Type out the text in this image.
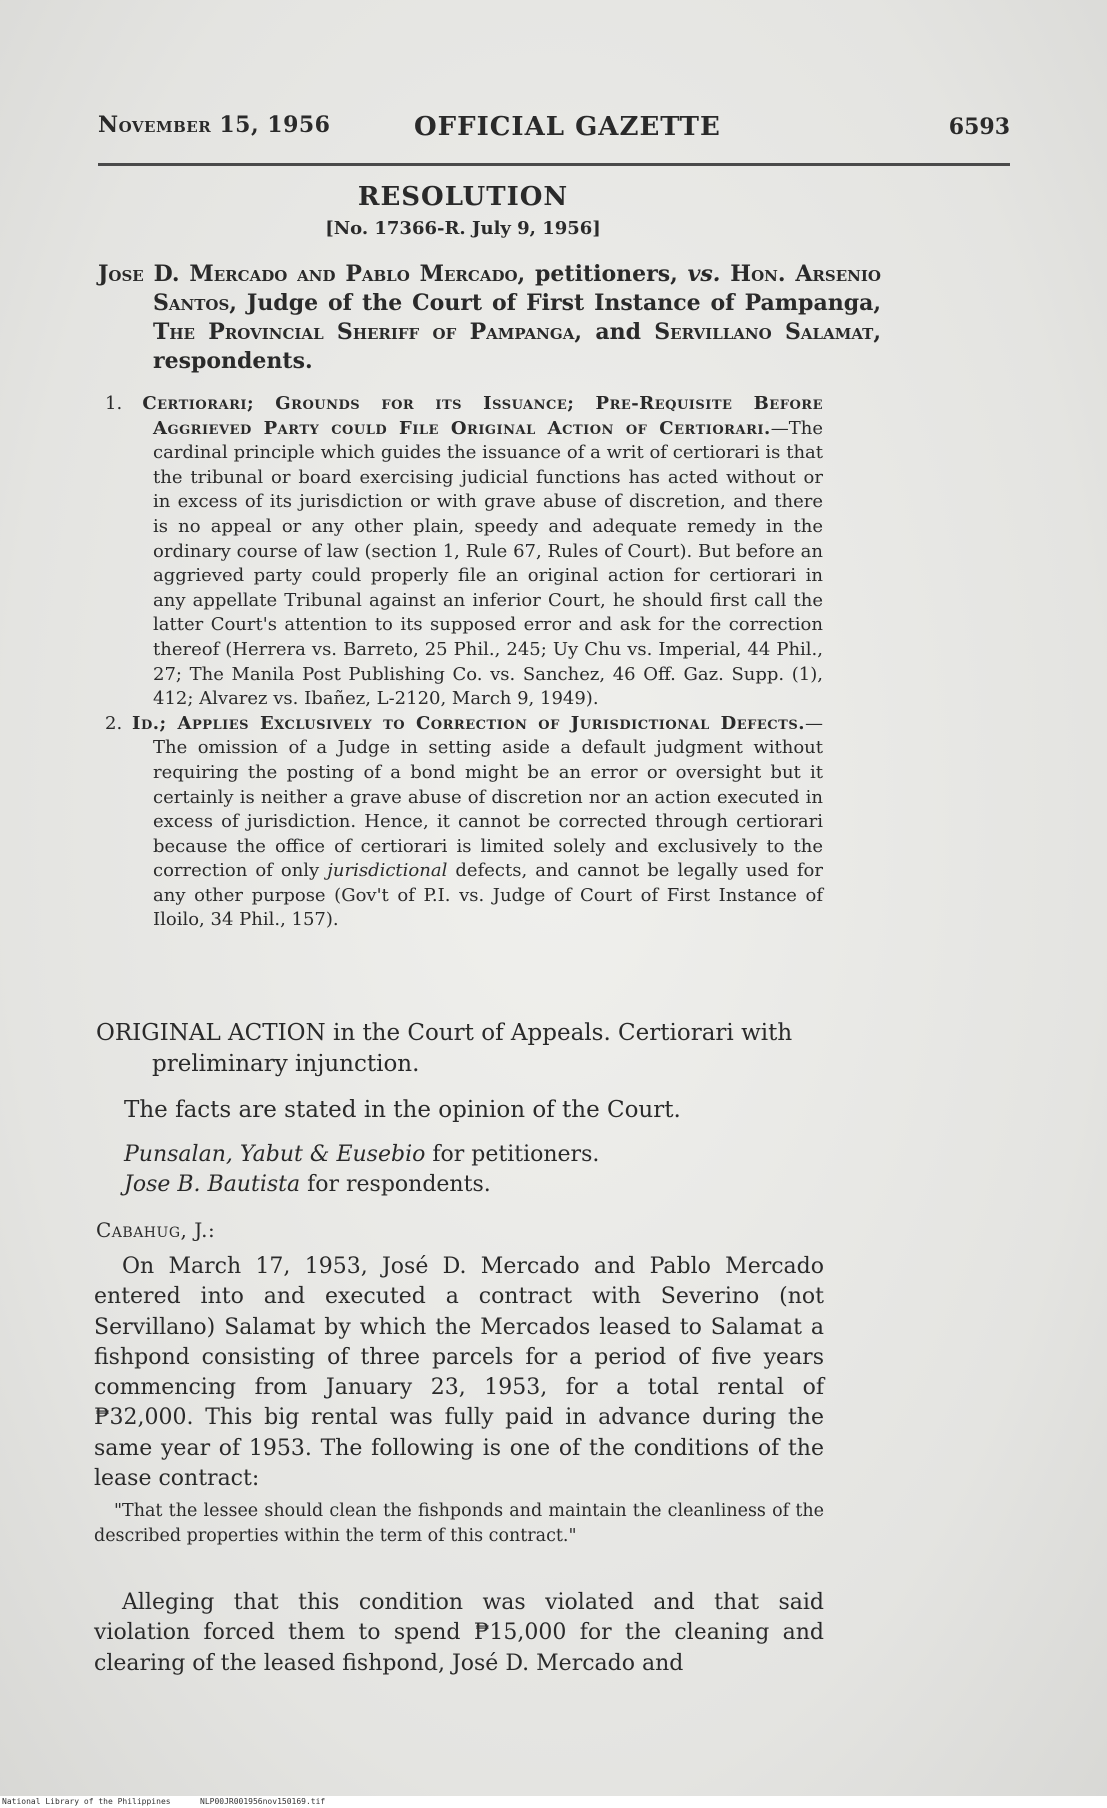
November 15, 1956	OFFICIAL GAZETTE	6593
RESOLUTION
[No. 17366-R. July 9, 1956]
Jose D. Mercado and Pablo Mercado, petitioners, vs. Hon. Arsenio Santos, Judge of the Court of First Instance of Pampanga, The Provincial Sheriff of Pampanga, and Servillano Salamat, respondents.

1. Certiorari; Grounds for its Issuance; Pre-Requisite Before Aggrieved Party could File Original Action of Certiorari.—The cardinal principle which guides the issuance of a writ of certiorari is that the tribunal or board exercising judicial functions has acted without or in excess of its jurisdiction or with grave abuse of discretion, and there is no appeal or any other plain, speedy and adequate remedy in the ordinary course of law (section 1, Rule 67, Rules of Court). But before an aggrieved party could properly file an original action for certiorari in any appellate Tribunal against an inferior Court, he should first call the latter Court's attention to its supposed error and ask for the correction thereof (Herrera vs. Barreto, 25 Phil., 245; Uy Chu vs. Imperial, 44 Phil., 27; The Manila Post Publishing Co. vs. Sanchez, 46 Off. Gaz. Supp. (1), 412; Alvarez vs. Ibañez, L-2120, March 9, 1949).

2. Id.; Applies Exclusively to Correction of Jurisdictional Defects.—The omission of a Judge in setting aside a default judgment without requiring the posting of a bond might be an error or oversight but it certainly is neither a grave abuse of discretion nor an action executed in excess of jurisdiction. Hence, it cannot be corrected through certiorari because the office of certiorari is limited solely and exclusively to the correction of only jurisdictional defects, and cannot be legally used for any other purpose (Gov't of P.I. vs. Judge of Court of First Instance of Iloilo, 34 Phil., 157).

ORIGINAL ACTION in the Court of Appeals. Certiorari with preliminary injunction.
The facts are stated in the opinion of the Court.
Punsalan, Yabut & Eusebio for petitioners.
Jose B. Bautista for respondents.
Cabahug, J.:
On March 17, 1953, José D. Mercado and Pablo Mercado entered into and executed a contract with Severino (not Servillano) Salamat by which the Mercados leased to Salamat a fishpond consisting of three parcels for a period of five years commencing from January 23, 1953, for a total rental of ₱32,000. This big rental was fully paid in advance during the same year of 1953. The following is one of the conditions of the lease contract:
"That the lessee should clean the fishponds and maintain the cleanliness of the described properties within the term of this contract."
Alleging that this condition was violated and that said violation forced them to spend ₱15,000 for the cleaning and clearing of the leased fishpond, José D. Mercado and
National Library of the Philippines	NLP00JR001956nov150169.tif
